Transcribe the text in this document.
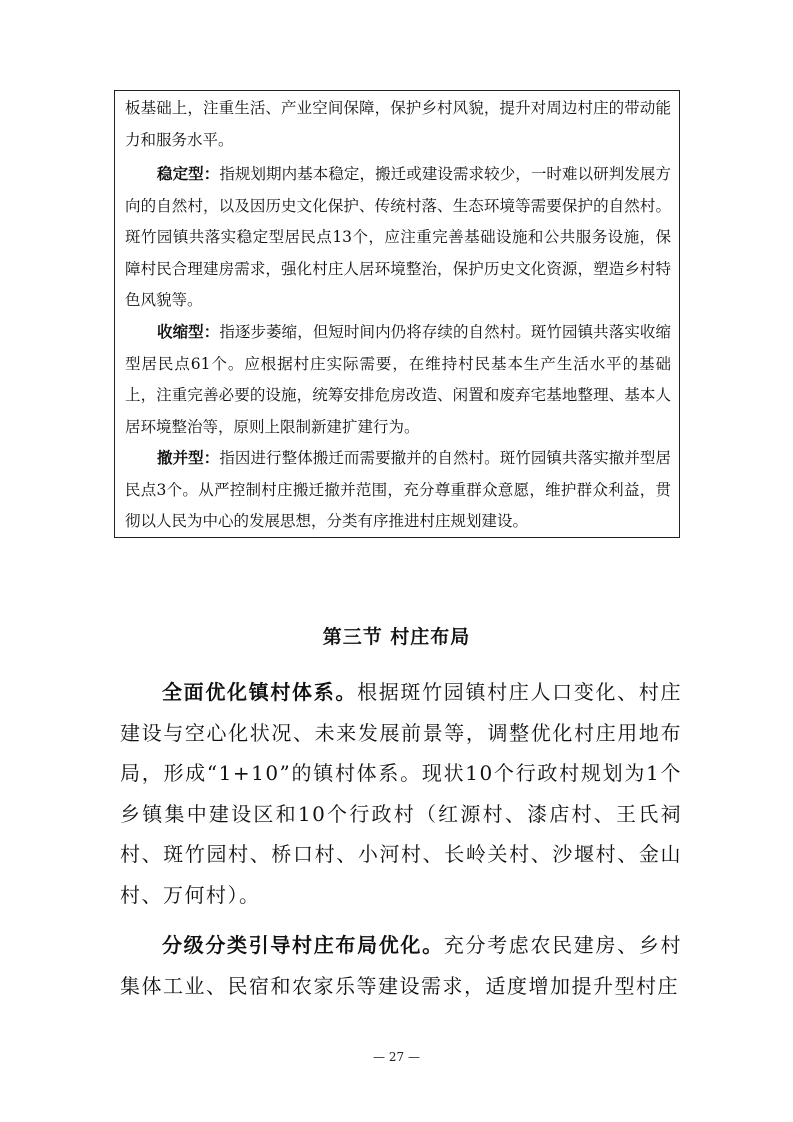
板基础上，注重生活、产业空间保障，保护乡村风貌，提升对周边村庄的带动能力和服务水平。

稳定型：指规划期内基本稳定，搬迁或建设需求较少，一时难以研判发展方向的自然村，以及因历史文化保护、传统村落、生态环境等需要保护的自然村。斑竹园镇共落实稳定型居民点13个，应注重完善基础设施和公共服务设施，保障村民合理建房需求，强化村庄人居环境整治，保护历史文化资源，塑造乡村特色风貌等。

收缩型：指逐步萎缩，但短时间内仍将存续的自然村。斑竹园镇共落实收缩型居民点61个。应根据村庄实际需要，在维持村民基本生产生活水平的基础上，注重完善必要的设施，统筹安排危房改造、闲置和废弃宅基地整理、基本人居环境整治等，原则上限制新建扩建行为。

撤并型：指因进行整体搬迁而需要撤并的自然村。斑竹园镇共落实撤并型居民点3个。从严控制村庄搬迁撤并范围，充分尊重群众意愿，维护群众利益，贯彻以人民为中心的发展思想，分类有序推进村庄规划建设。

第三节 村庄布局

全面优化镇村体系。根据斑竹园镇村庄人口变化、村庄建设与空心化状况、未来发展前景等，调整优化村庄用地布局，形成“1+10”的镇村体系。现状10个行政村规划为1个乡镇集中建设区和10个行政村（红源村、漆店村、王氏祠村、斑竹园村、桥口村、小河村、长岭关村、沙堰村、金山村、万何村）。

分级分类引导村庄布局优化。充分考虑农民建房、乡村集体工业、民宿和农家乐等建设需求，适度增加提升型村庄

— 27 —
